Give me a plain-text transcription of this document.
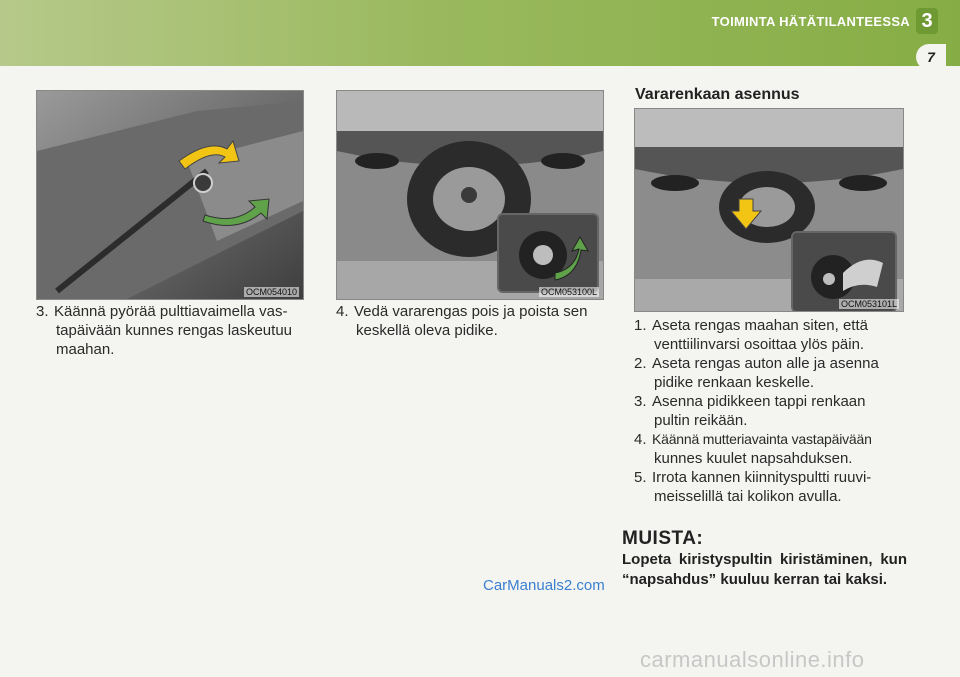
TOIMINTA HÄTÄTILANTEESSA 3
7
OCM054010
3. Käännä pyörää pulttiavaimella vas-
tapäivään kunnes rengas laskeutuu
maahan.
OCM053100L
4. Vedä vararengas pois ja poista sen
keskellä oleva pidike.
Vararenkaan asennus
OCM053101L
1. Aseta rengas maahan siten, että
venttiilinvarsi osoittaa ylös päin.
2. Aseta rengas auton alle ja asenna
pidike renkaan keskelle.
3. Asenna pidikkeen tappi renkaan
pultin reikään.
4. Käännä mutteriavainta vastapäivään
kunnes kuulet napsahduksen.
5. Irrota kannen kiinnityspultti ruuvi-
meisselillä tai kolikon avulla.
MUISTA:
Lopeta kiristyspultin kiristäminen, kun “napsahdus” kuuluu kerran tai kaksi.
CarManuals2.com
carmanualsonline.info
